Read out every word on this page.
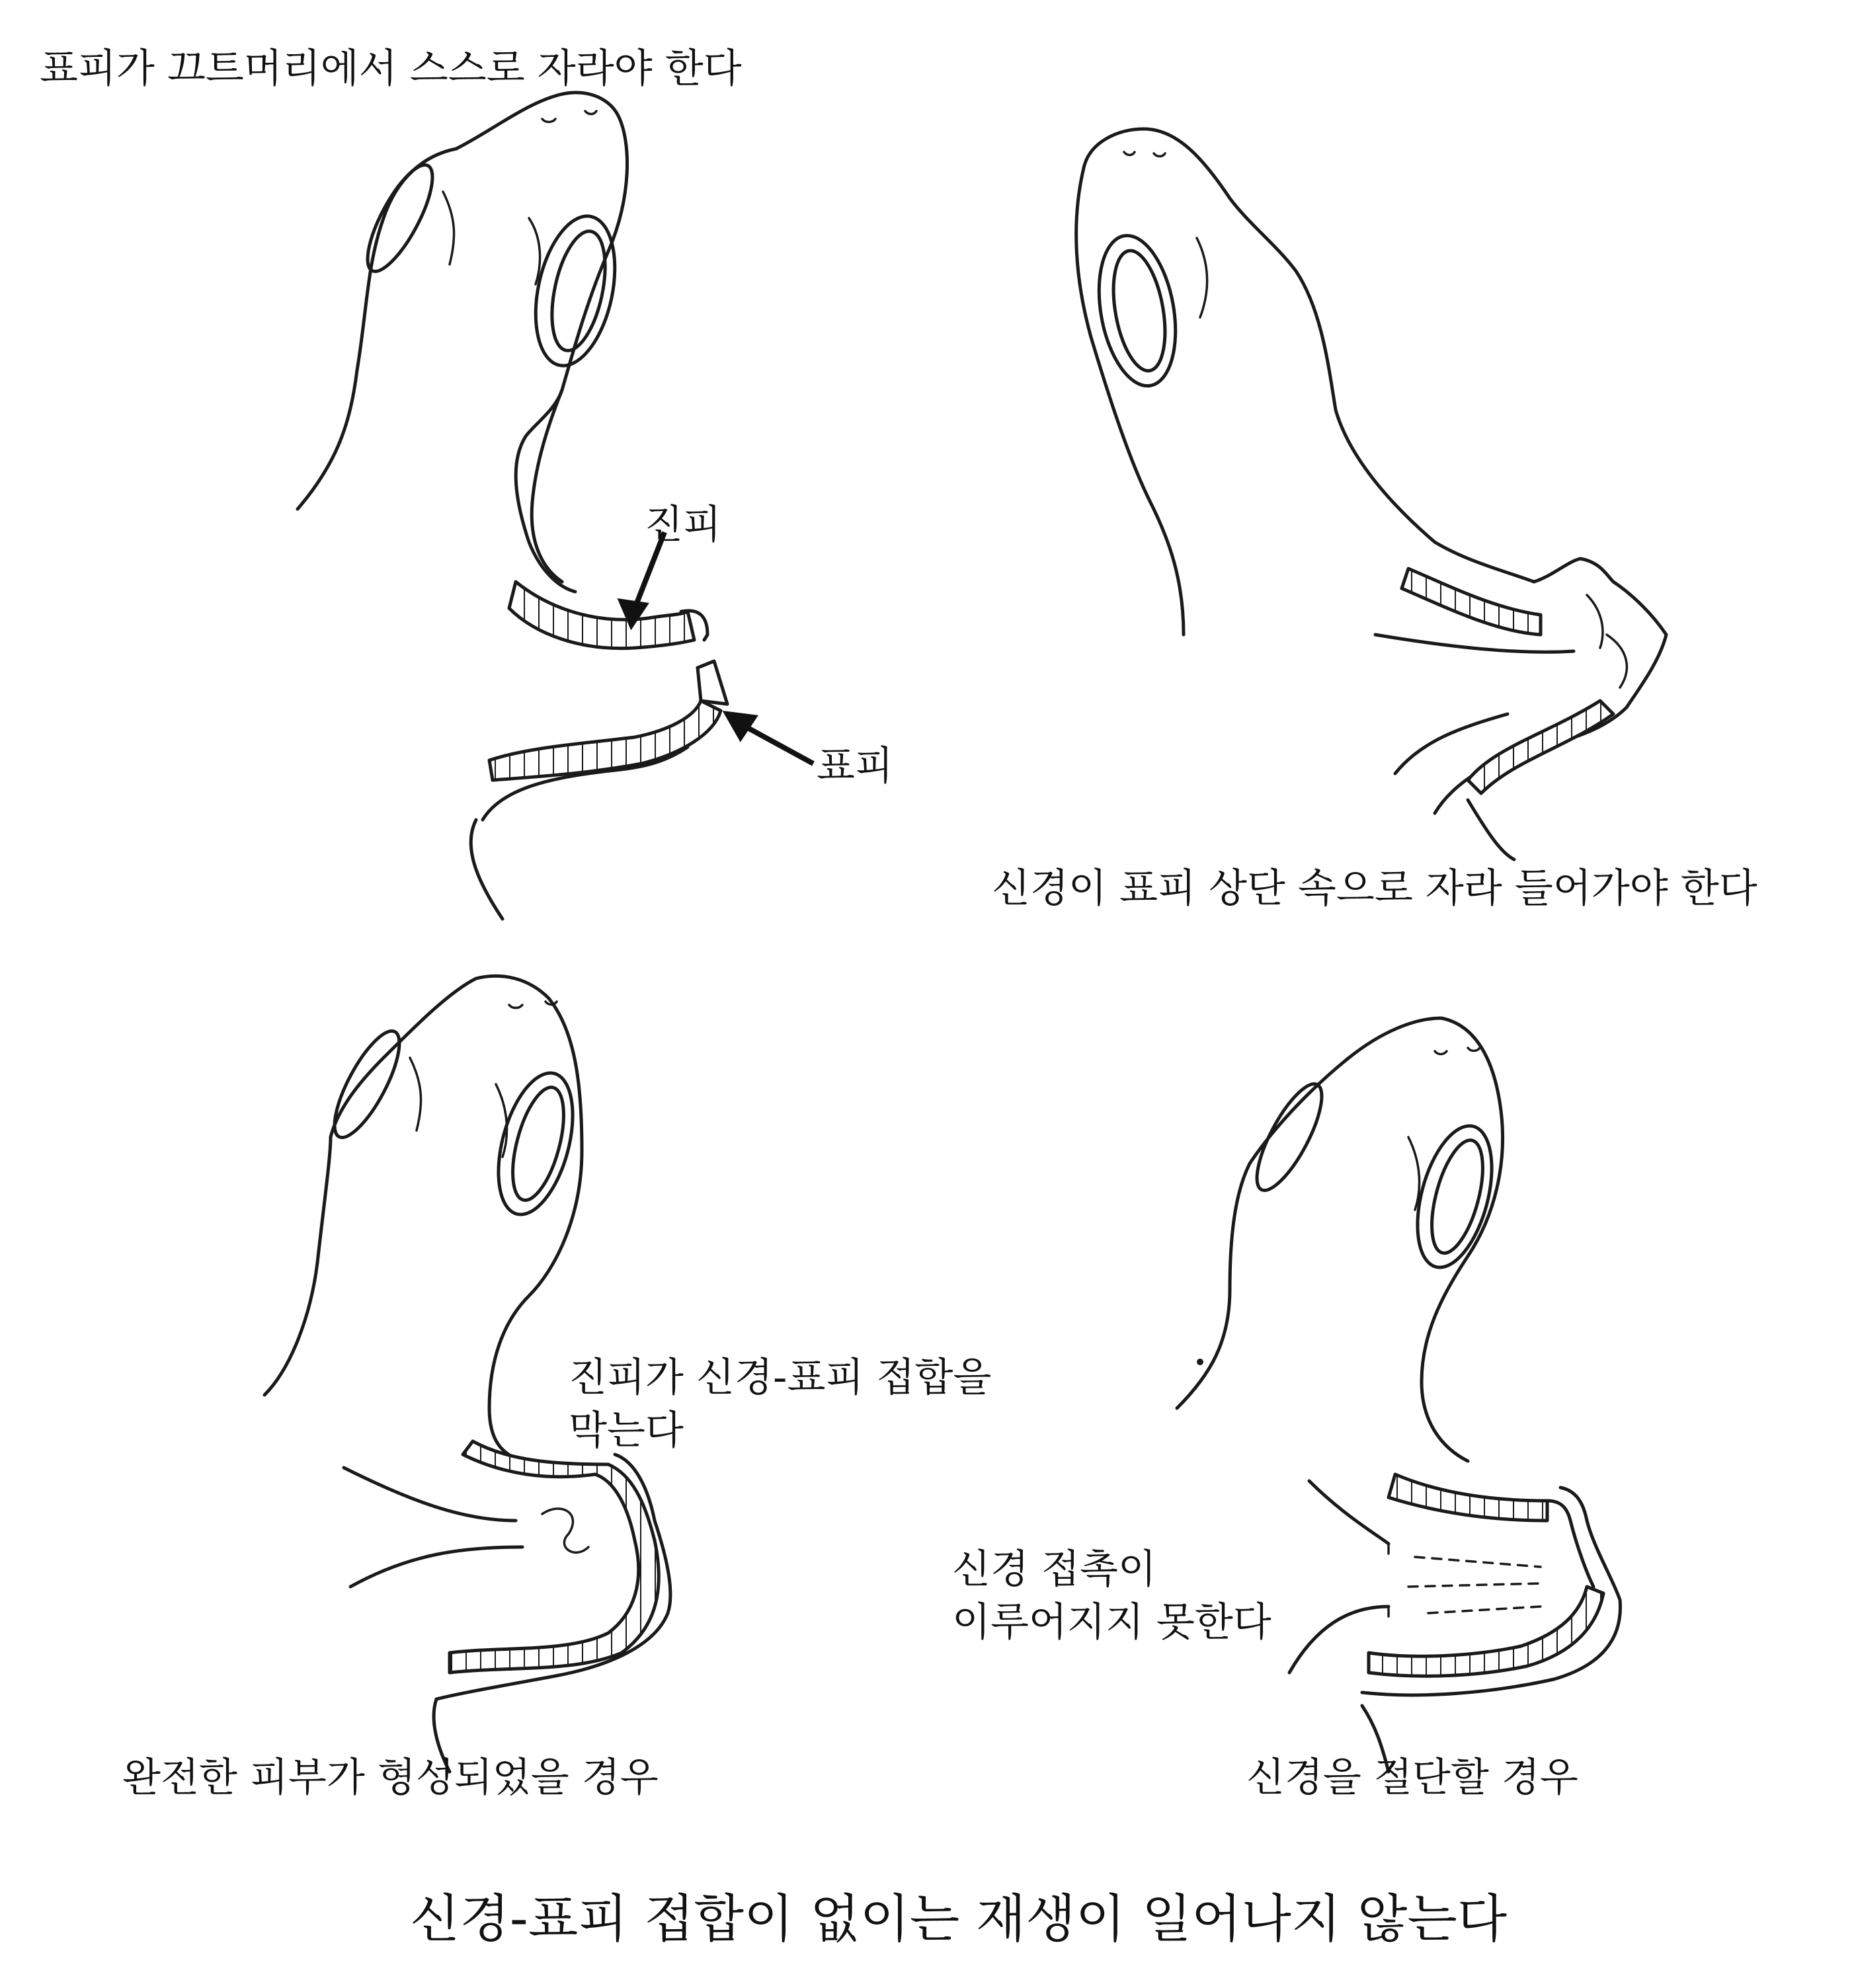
표피가 끄트머리에서 스스로 자라야 한다
진피
표피
신경이 표피 상단 속으로 자라 들어가야 한다
진피가 신경-표피 접합을
막는다
완전한 피부가 형성되었을 경우
신경 접촉이
이루어지지 못한다
신경을 절단할 경우
신경-표피 접합이 없이는 재생이 일어나지 않는다
